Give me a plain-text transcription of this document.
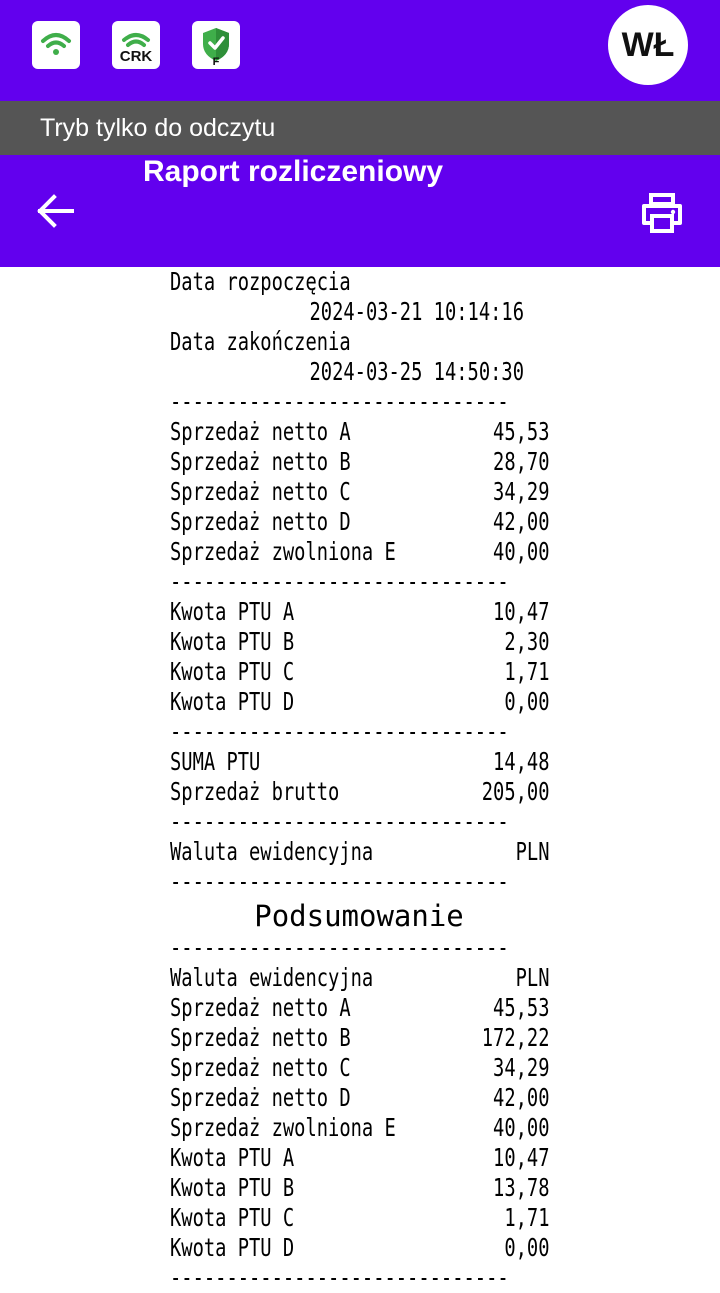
CRK	F	WŁ
Tryb tylko do odczytu
Raport rozliczeniowy
Data rozpoczęcia
2024-03-21 10:14:16
Data zakończenia
2024-03-25 14:50:30
------------------------------
Sprzedaż netto A	45,53
Sprzedaż netto B	28,70
Sprzedaż netto C	34,29
Sprzedaż netto D	42,00
Sprzedaż zwolniona E	40,00
------------------------------
Kwota PTU A	10,47
Kwota PTU B	2,30
Kwota PTU C	1,71
Kwota PTU D	0,00
------------------------------
SUMA PTU	14,48
Sprzedaż brutto	205,00
------------------------------
Waluta ewidencyjna	PLN
------------------------------
Podsumowanie
------------------------------
Waluta ewidencyjna	PLN
Sprzedaż netto A	45,53
Sprzedaż netto B	172,22
Sprzedaż netto C	34,29
Sprzedaż netto D	42,00
Sprzedaż zwolniona E	40,00
Kwota PTU A	10,47
Kwota PTU B	13,78
Kwota PTU C	1,71
Kwota PTU D	0,00
------------------------------
